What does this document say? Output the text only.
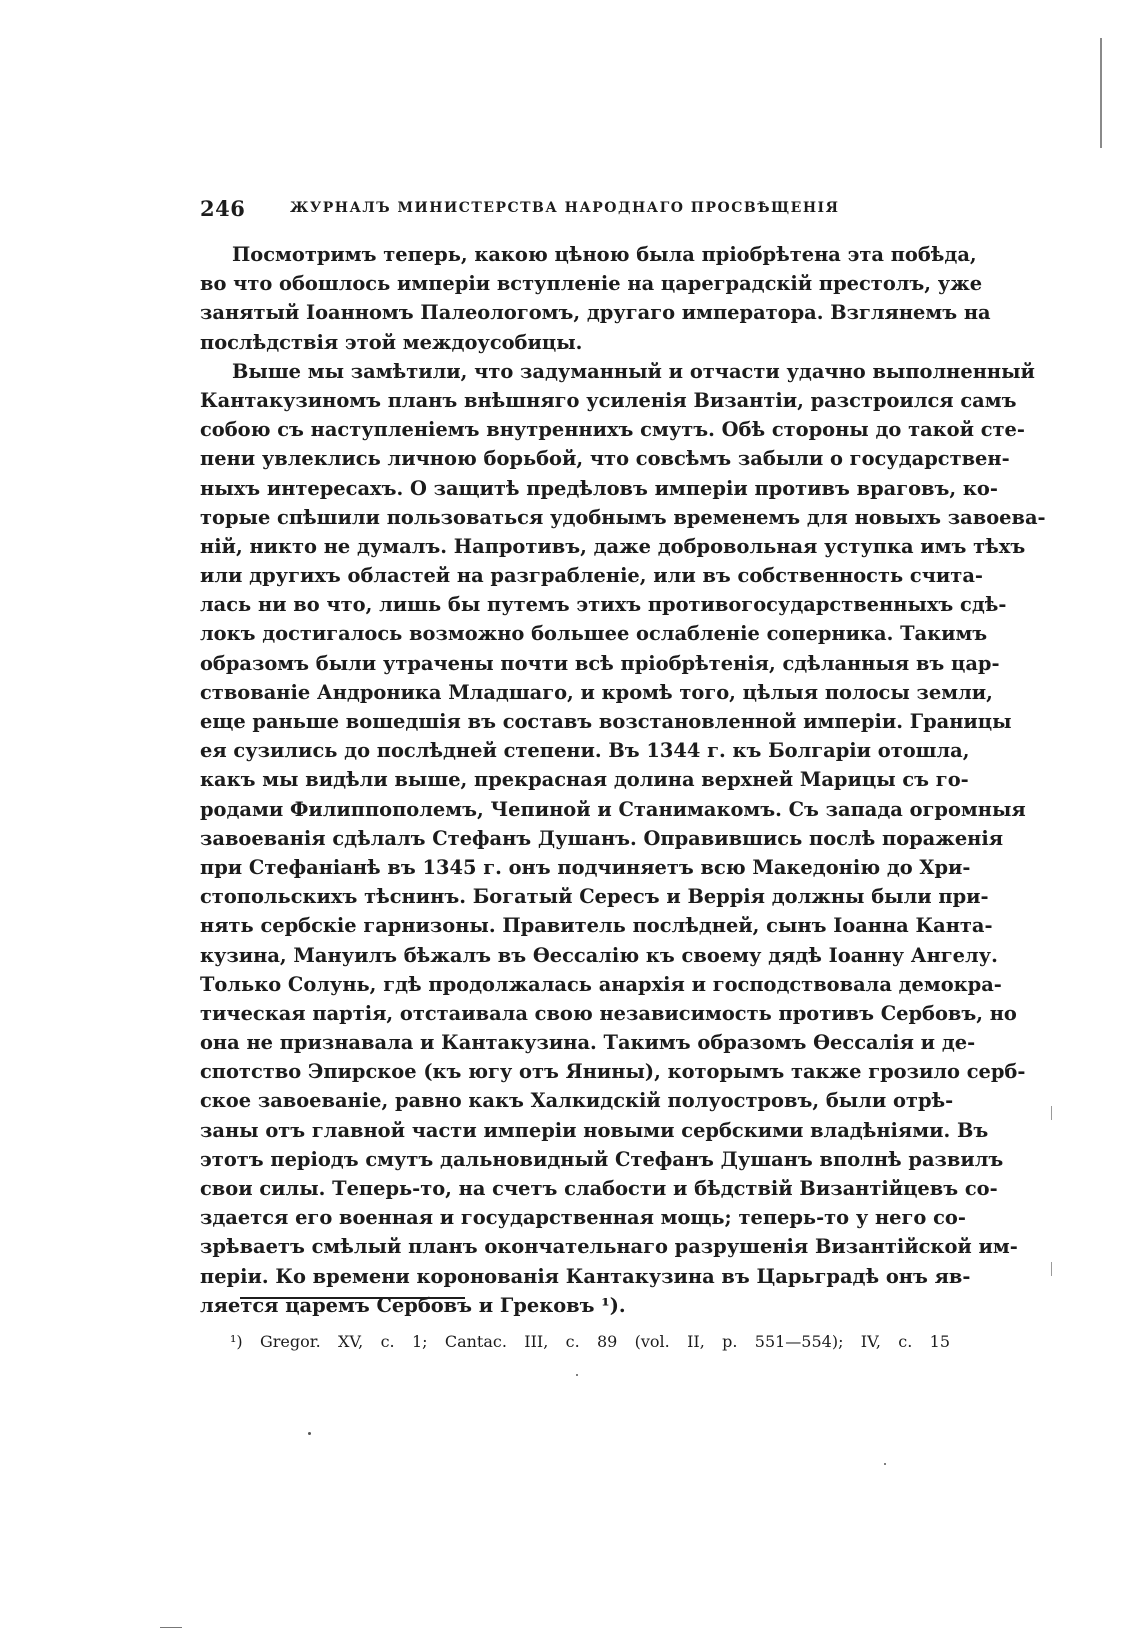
246	ЖУРНАЛЪ МИНИСТЕРСТВА НАРОДНАГО ПРОСВѢЩЕНІЯ
Посмотримъ теперь, какою цѣною была пріобрѣтена эта побѣда,
во что обошлось имперіи вступленіе на цареградскій престолъ, уже
занятый Іоанномъ Палеологомъ, другаго императора. Взглянемъ на
послѣдствія этой междоусобицы.
Выше мы замѣтили, что задуманный и отчасти удачно выполненный
Кантакузиномъ планъ внѣшняго усиленія Византіи, разстроился самъ
собою съ наступленіемъ внутреннихъ смутъ. Обѣ стороны до такой сте-
пени увлеклись личною борьбой, что совсѣмъ забыли о государствен-
ныхъ интересахъ. О защитѣ предѣловъ имперіи противъ враговъ, ко-
торые спѣшили пользоваться удобнымъ временемъ для новыхъ завоева-
ній, никто не думалъ. Напротивъ, даже добровольная уступка имъ тѣхъ
или другихъ областей на разграбленіе, или въ собственность счита-
лась ни во что, лишь бы путемъ этихъ противогосударственныхъ сдѣ-
локъ достигалось возможно большее ослабленіе соперника. Такимъ
образомъ были утрачены почти всѣ пріобрѣтенія, сдѣланныя въ цар-
ствованіе Андроника Младшаго, и кромѣ того, цѣлыя полосы земли,
еще раньше вошедшія въ составъ возстановленной имперіи. Границы
ея сузились до послѣдней степени. Въ 1344 г. къ Болгаріи отошла,
какъ мы видѣли выше, прекрасная долина верхней Марицы съ го-
родами Филиппополемъ, Чепиной и Станимакомъ. Съ запада огромныя
завоеванія сдѣлалъ Стефанъ Душанъ. Оправившись послѣ пораженія
при Стефаніанѣ въ 1345 г. онъ подчиняетъ всю Македонію до Хри-
стопольскихъ тѣснинъ. Богатый Сересъ и Веррія должны были при-
нять сербскіе гарнизоны. Правитель послѣдней, сынъ Іоанна Канта-
кузина, Мануилъ бѣжалъ въ Ѳессалію къ своему дядѣ Іоанну Ангелу.
Только Солунь, гдѣ продолжалась анархія и господствовала демокра-
тическая партія, отстаивала свою независимость противъ Сербовъ, но
она не признавала и Кантакузина. Такимъ образомъ Ѳессалія и де-
спотство Эпирское (къ югу отъ Янины), которымъ также грозило серб-
ское завоеваніе, равно какъ Халкидскій полуостровъ, были отрѣ-
заны отъ главной части имперіи новыми сербскими владѣніями. Въ
этотъ періодъ смутъ дальновидный Стефанъ Душанъ вполнѣ развилъ
свои силы. Теперь-то, на счетъ слабости и бѣдствій Византійцевъ со-
здается его военная и государственная мощь; теперь-то у него со-
зрѣваетъ смѣлый планъ окончательнаго разрушенія Византійской им-
періи. Ко времени коронованія Кантакузина въ Царьградѣ онъ яв-
ляется царемъ Сербовъ и Грековъ ¹).
¹) Gregor. XV, c. 1; Cantac. III, c. 89 (vol. II, p. 551—554); IV, c. 15
